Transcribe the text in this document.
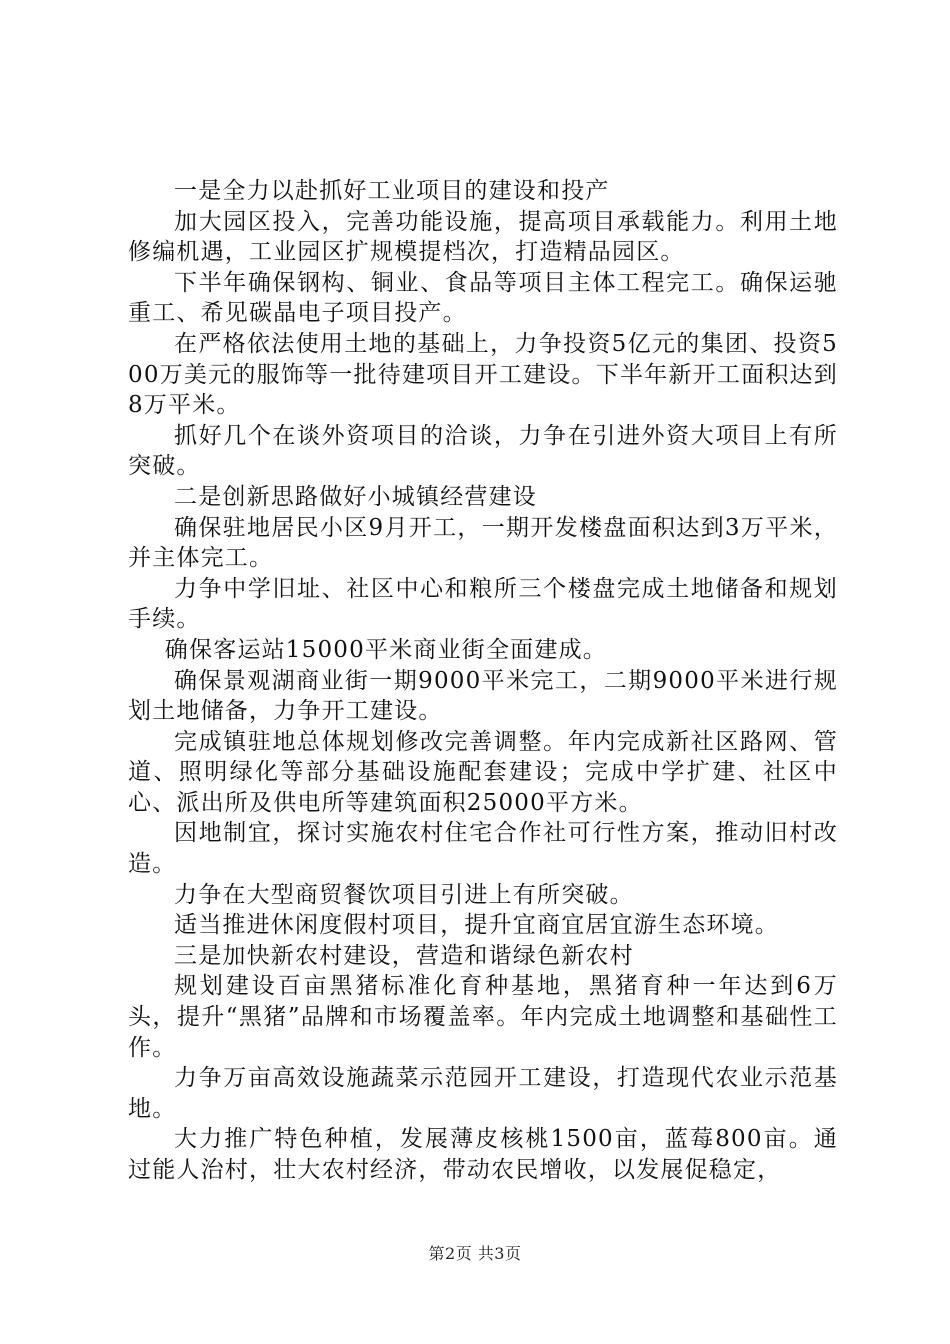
一是全力以赴抓好工业项目的建设和投产

加大园区投入，完善功能设施，提高项目承载能力。利用土地修编机遇，工业园区扩规模提档次，打造精品园区。

下半年确保钢构、铜业、食品等项目主体工程完工。确保运驰重工、希见碳晶电子项目投产。

在严格依法使用土地的基础上，力争投资5亿元的集团、投资500万美元的服饰等一批待建项目开工建设。下半年新开工面积达到8万平米。

抓好几个在谈外资项目的洽谈，力争在引进外资大项目上有所突破。

二是创新思路做好小城镇经营建设

确保驻地居民小区9月开工，一期开发楼盘面积达到3万平米，并主体完工。

力争中学旧址、社区中心和粮所三个楼盘完成土地储备和规划手续。

确保客运站15000平米商业街全面建成。

确保景观湖商业街一期9000平米完工，二期9000平米进行规划土地储备，力争开工建设。

完成镇驻地总体规划修改完善调整。年内完成新社区路网、管道、照明绿化等部分基础设施配套建设；完成中学扩建、社区中心、派出所及供电所等建筑面积25000平方米。

因地制宜，探讨实施农村住宅合作社可行性方案，推动旧村改造。

力争在大型商贸餐饮项目引进上有所突破。

适当推进休闲度假村项目，提升宜商宜居宜游生态环境。

三是加快新农村建设，营造和谐绿色新农村

规划建设百亩黑猪标准化育种基地，黑猪育种一年达到6万头，提升“黑猪”品牌和市场覆盖率。年内完成土地调整和基础性工作。

力争万亩高效设施蔬菜示范园开工建设，打造现代农业示范基地。

大力推广特色种植，发展薄皮核桃1500亩，蓝莓800亩。通过能人治村，壮大农村经济，带动农民增收，以发展促稳定，

第2页 共3页
